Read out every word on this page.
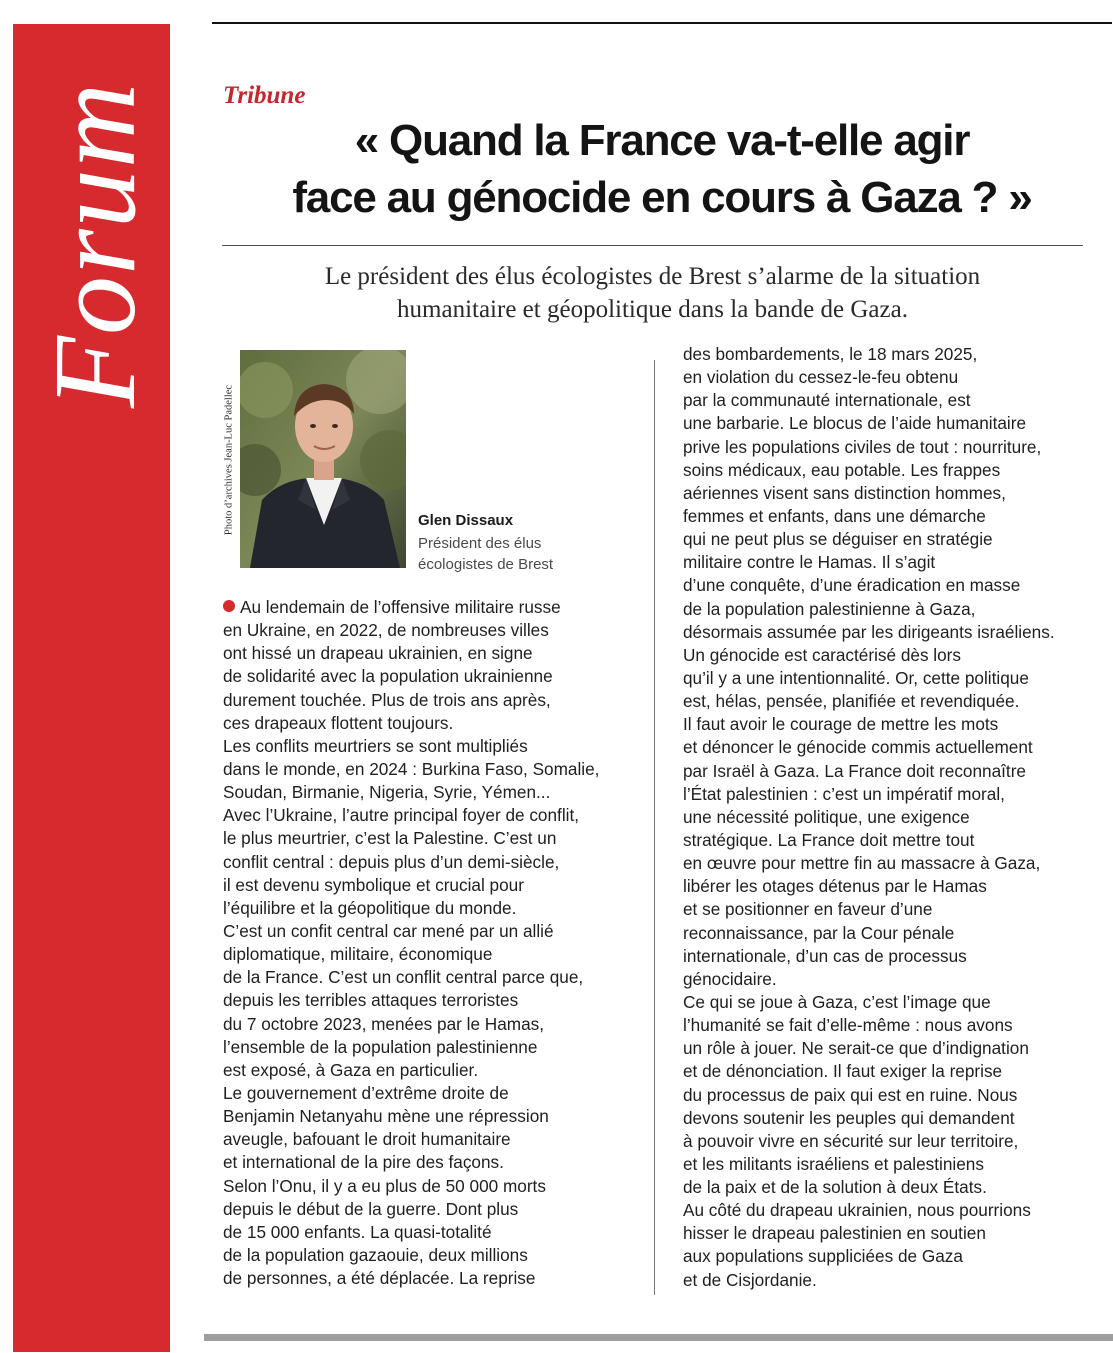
Forum	Tribune
« Quand la France va-t-elle agir
face au génocide en cours à Gaza ? »
Le président des élus écologistes de Brest s’alarme de la situation
humanitaire et géopolitique dans la bande de Gaza.
Photo d’archives Jean-Luc Padellec	Glen Dissaux
Président des élus
écologistes de Brest
Au lendemain de l’offensive militaire russe
en Ukraine, en 2022, de nombreuses villes
ont hissé un drapeau ukrainien, en signe
de solidarité avec la population ukrainienne
durement touchée. Plus de trois ans après,
ces drapeaux flottent toujours.
Les conflits meurtriers se sont multipliés
dans le monde, en 2024 : Burkina Faso, Somalie,
Soudan, Birmanie, Nigeria, Syrie, Yémen...
Avec l’Ukraine, l’autre principal foyer de conflit,
le plus meurtrier, c’est la Palestine. C’est un
conflit central : depuis plus d’un demi-siècle,
il est devenu symbolique et crucial pour
l’équilibre et la géopolitique du monde.
C’est un confit central car mené par un allié
diplomatique, militaire, économique
de la France. C’est un conflit central parce que,
depuis les terribles attaques terroristes
du 7 octobre 2023, menées par le Hamas,
l’ensemble de la population palestinienne
est exposé, à Gaza en particulier.
Le gouvernement d’extrême droite de
Benjamin Netanyahu mène une répression
aveugle, bafouant le droit humanitaire
et international de la pire des façons.
Selon l’Onu, il y a eu plus de 50 000 morts
depuis le début de la guerre. Dont plus
de 15 000 enfants. La quasi-totalité
de la population gazaouie, deux millions
de personnes, a été déplacée. La reprise
des bombardements, le 18 mars 2025,
en violation du cessez-le-feu obtenu
par la communauté internationale, est
une barbarie. Le blocus de l’aide humanitaire
prive les populations civiles de tout : nourriture,
soins médicaux, eau potable. Les frappes
aériennes visent sans distinction hommes,
femmes et enfants, dans une démarche
qui ne peut plus se déguiser en stratégie
militaire contre le Hamas. Il s’agit
d’une conquête, d’une éradication en masse
de la population palestinienne à Gaza,
désormais assumée par les dirigeants israéliens.
Un génocide est caractérisé dès lors
qu’il y a une intentionnalité. Or, cette politique
est, hélas, pensée, planifiée et revendiquée.
Il faut avoir le courage de mettre les mots
et dénoncer le génocide commis actuellement
par Israël à Gaza. La France doit reconnaître
l’État palestinien : c’est un impératif moral,
une nécessité politique, une exigence
stratégique. La France doit mettre tout
en œuvre pour mettre fin au massacre à Gaza,
libérer les otages détenus par le Hamas
et se positionner en faveur d’une
reconnaissance, par la Cour pénale
internationale, d’un cas de processus
génocidaire.
Ce qui se joue à Gaza, c’est l’image que
l’humanité se fait d’elle-même : nous avons
un rôle à jouer. Ne serait-ce que d’indignation
et de dénonciation. Il faut exiger la reprise
du processus de paix qui est en ruine. Nous
devons soutenir les peuples qui demandent
à pouvoir vivre en sécurité sur leur territoire,
et les militants israéliens et palestiniens
de la paix et de la solution à deux États.
Au côté du drapeau ukrainien, nous pourrions
hisser le drapeau palestinien en soutien
aux populations suppliciées de Gaza
et de Cisjordanie.
